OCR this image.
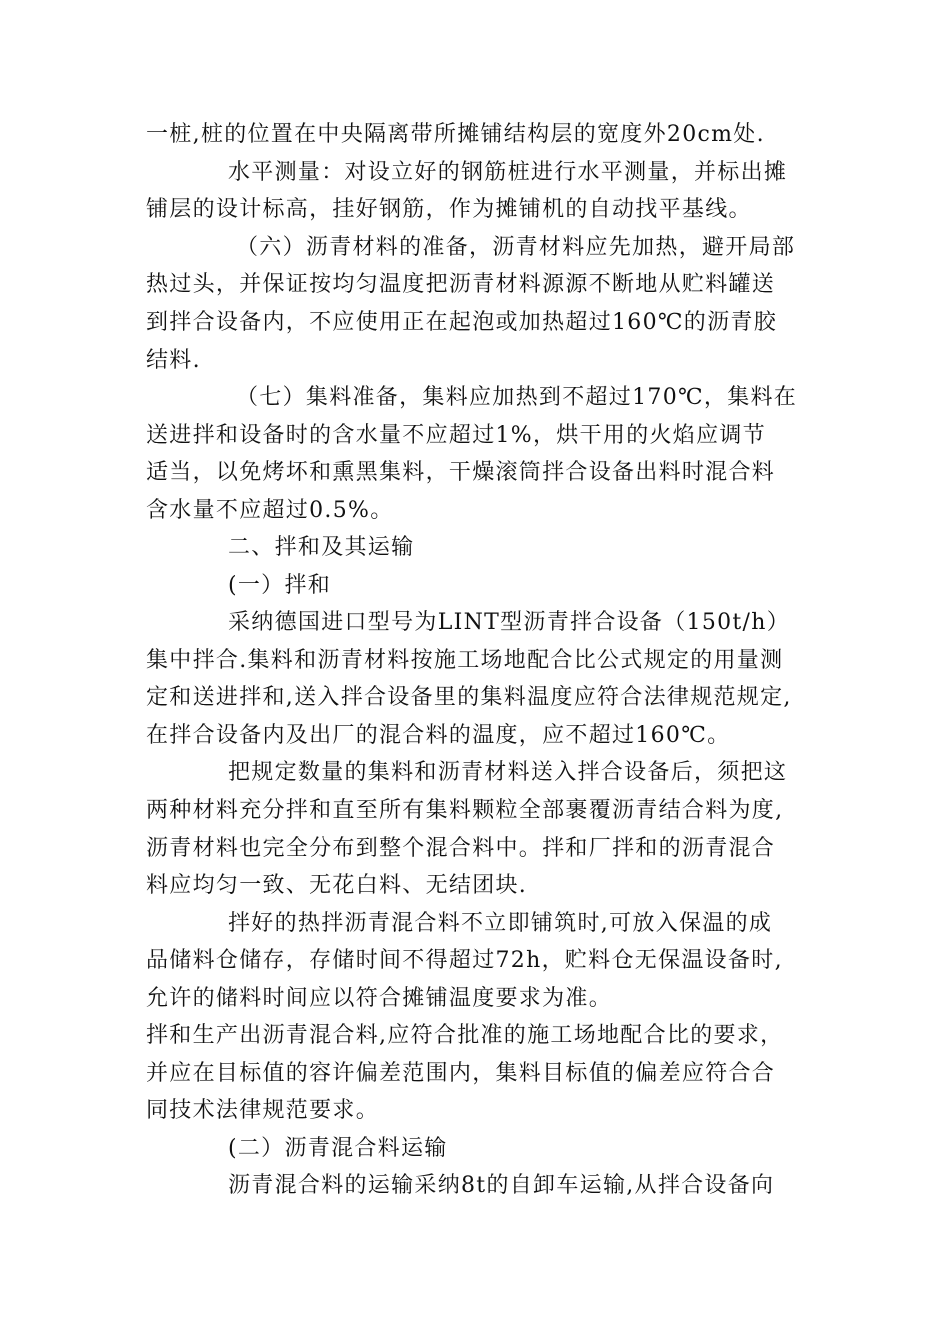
一桩,桩的位置在中央隔离带所摊铺结构层的宽度外20cm处.
水平测量：对设立好的钢筋桩进行水平测量，并标出摊
铺层的设计标高，挂好钢筋，作为摊铺机的自动找平基线。
（六）沥青材料的准备，沥青材料应先加热，避开局部
热过头，并保证按均匀温度把沥青材料源源不断地从贮料罐送
到拌合设备内，不应使用正在起泡或加热超过160℃的沥青胶
结料.
（七）集料准备，集料应加热到不超过170℃，集料在
送进拌和设备时的含水量不应超过1%，烘干用的火焰应调节
适当，以免烤坏和熏黑集料，干燥滚筒拌合设备出料时混合料
含水量不应超过0.5%。
二、拌和及其运输
(一）拌和
采纳德国进口型号为LINT型沥青拌合设备（150t/h）
集中拌合.集料和沥青材料按施工场地配合比公式规定的用量测
定和送进拌和,送入拌合设备里的集料温度应符合法律规范规定,
在拌合设备内及出厂的混合料的温度，应不超过160℃。
把规定数量的集料和沥青材料送入拌合设备后，须把这
两种材料充分拌和直至所有集料颗粒全部裹覆沥青结合料为度,
沥青材料也完全分布到整个混合料中。拌和厂拌和的沥青混合
料应均匀一致、无花白料、无结团块.
拌好的热拌沥青混合料不立即铺筑时,可放入保温的成
品储料仓储存，存储时间不得超过72h，贮料仓无保温设备时,
允许的储料时间应以符合摊铺温度要求为准。
拌和生产出沥青混合料,应符合批准的施工场地配合比的要求，
并应在目标值的容许偏差范围内，集料目标值的偏差应符合合
同技术法律规范要求。
(二）沥青混合料运输
沥青混合料的运输采纳8t的自卸车运输,从拌合设备向
